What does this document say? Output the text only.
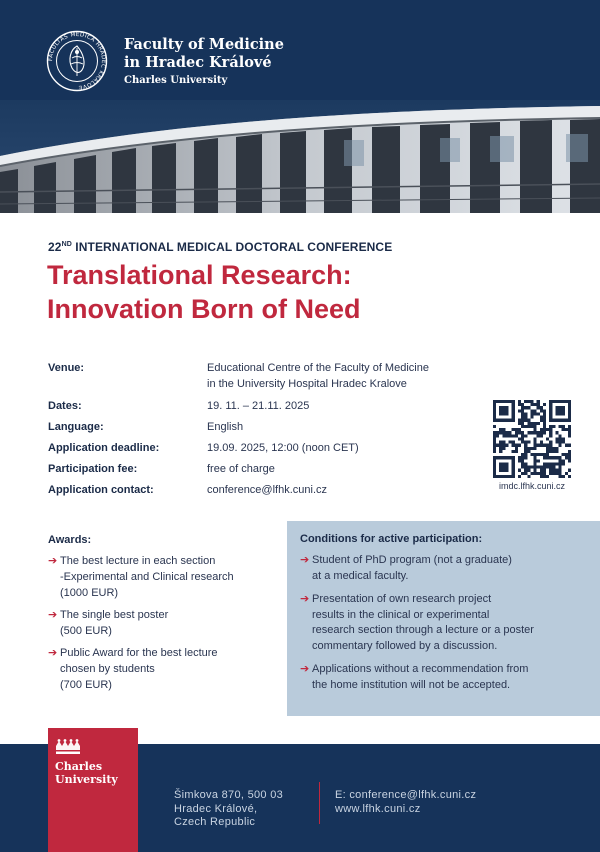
FACULTAS MEDICA HRADEC KRÁLOVÉ
Faculty of Medicine
in Hradec Králové
Charles University
22ND INTERNATIONAL MEDICAL DOCTORAL CONFERENCE
Translational Research:
Innovation Born of Need
Venue:	Educational Centre of the Faculty of Medicine
in the University Hospital Hradec Kralove
Dates:	19. 11. – 21.11. 2025
Language:	English
Application deadline:	19.09. 2025, 12:00 (noon CET)
Participation fee:	free of charge
Application contact:	conference@lfhk.cuni.cz	imdc.lfhk.cuni.cz
Awards:
➔ The best lecture in each section
-Experimental and Clinical research
(1000 EUR)
➔ The single best poster
(500 EUR)
➔ Public Award for the best lecture
chosen by students
(700 EUR)
Conditions for active participation:
➔ Student of PhD program (not a graduate)
at a medical faculty.
➔ Presentation of own research project
results in the clinical or experimental
research section through a lecture or a poster
commentary followed by a discussion.
➔ Applications without a recommendation from
the home institution will not be accepted.
Charles
University
Šimkova 870, 500 03
Hradec Králové,
Czech Republic
E: conference@lfhk.cuni.cz
www.lfhk.cuni.cz
